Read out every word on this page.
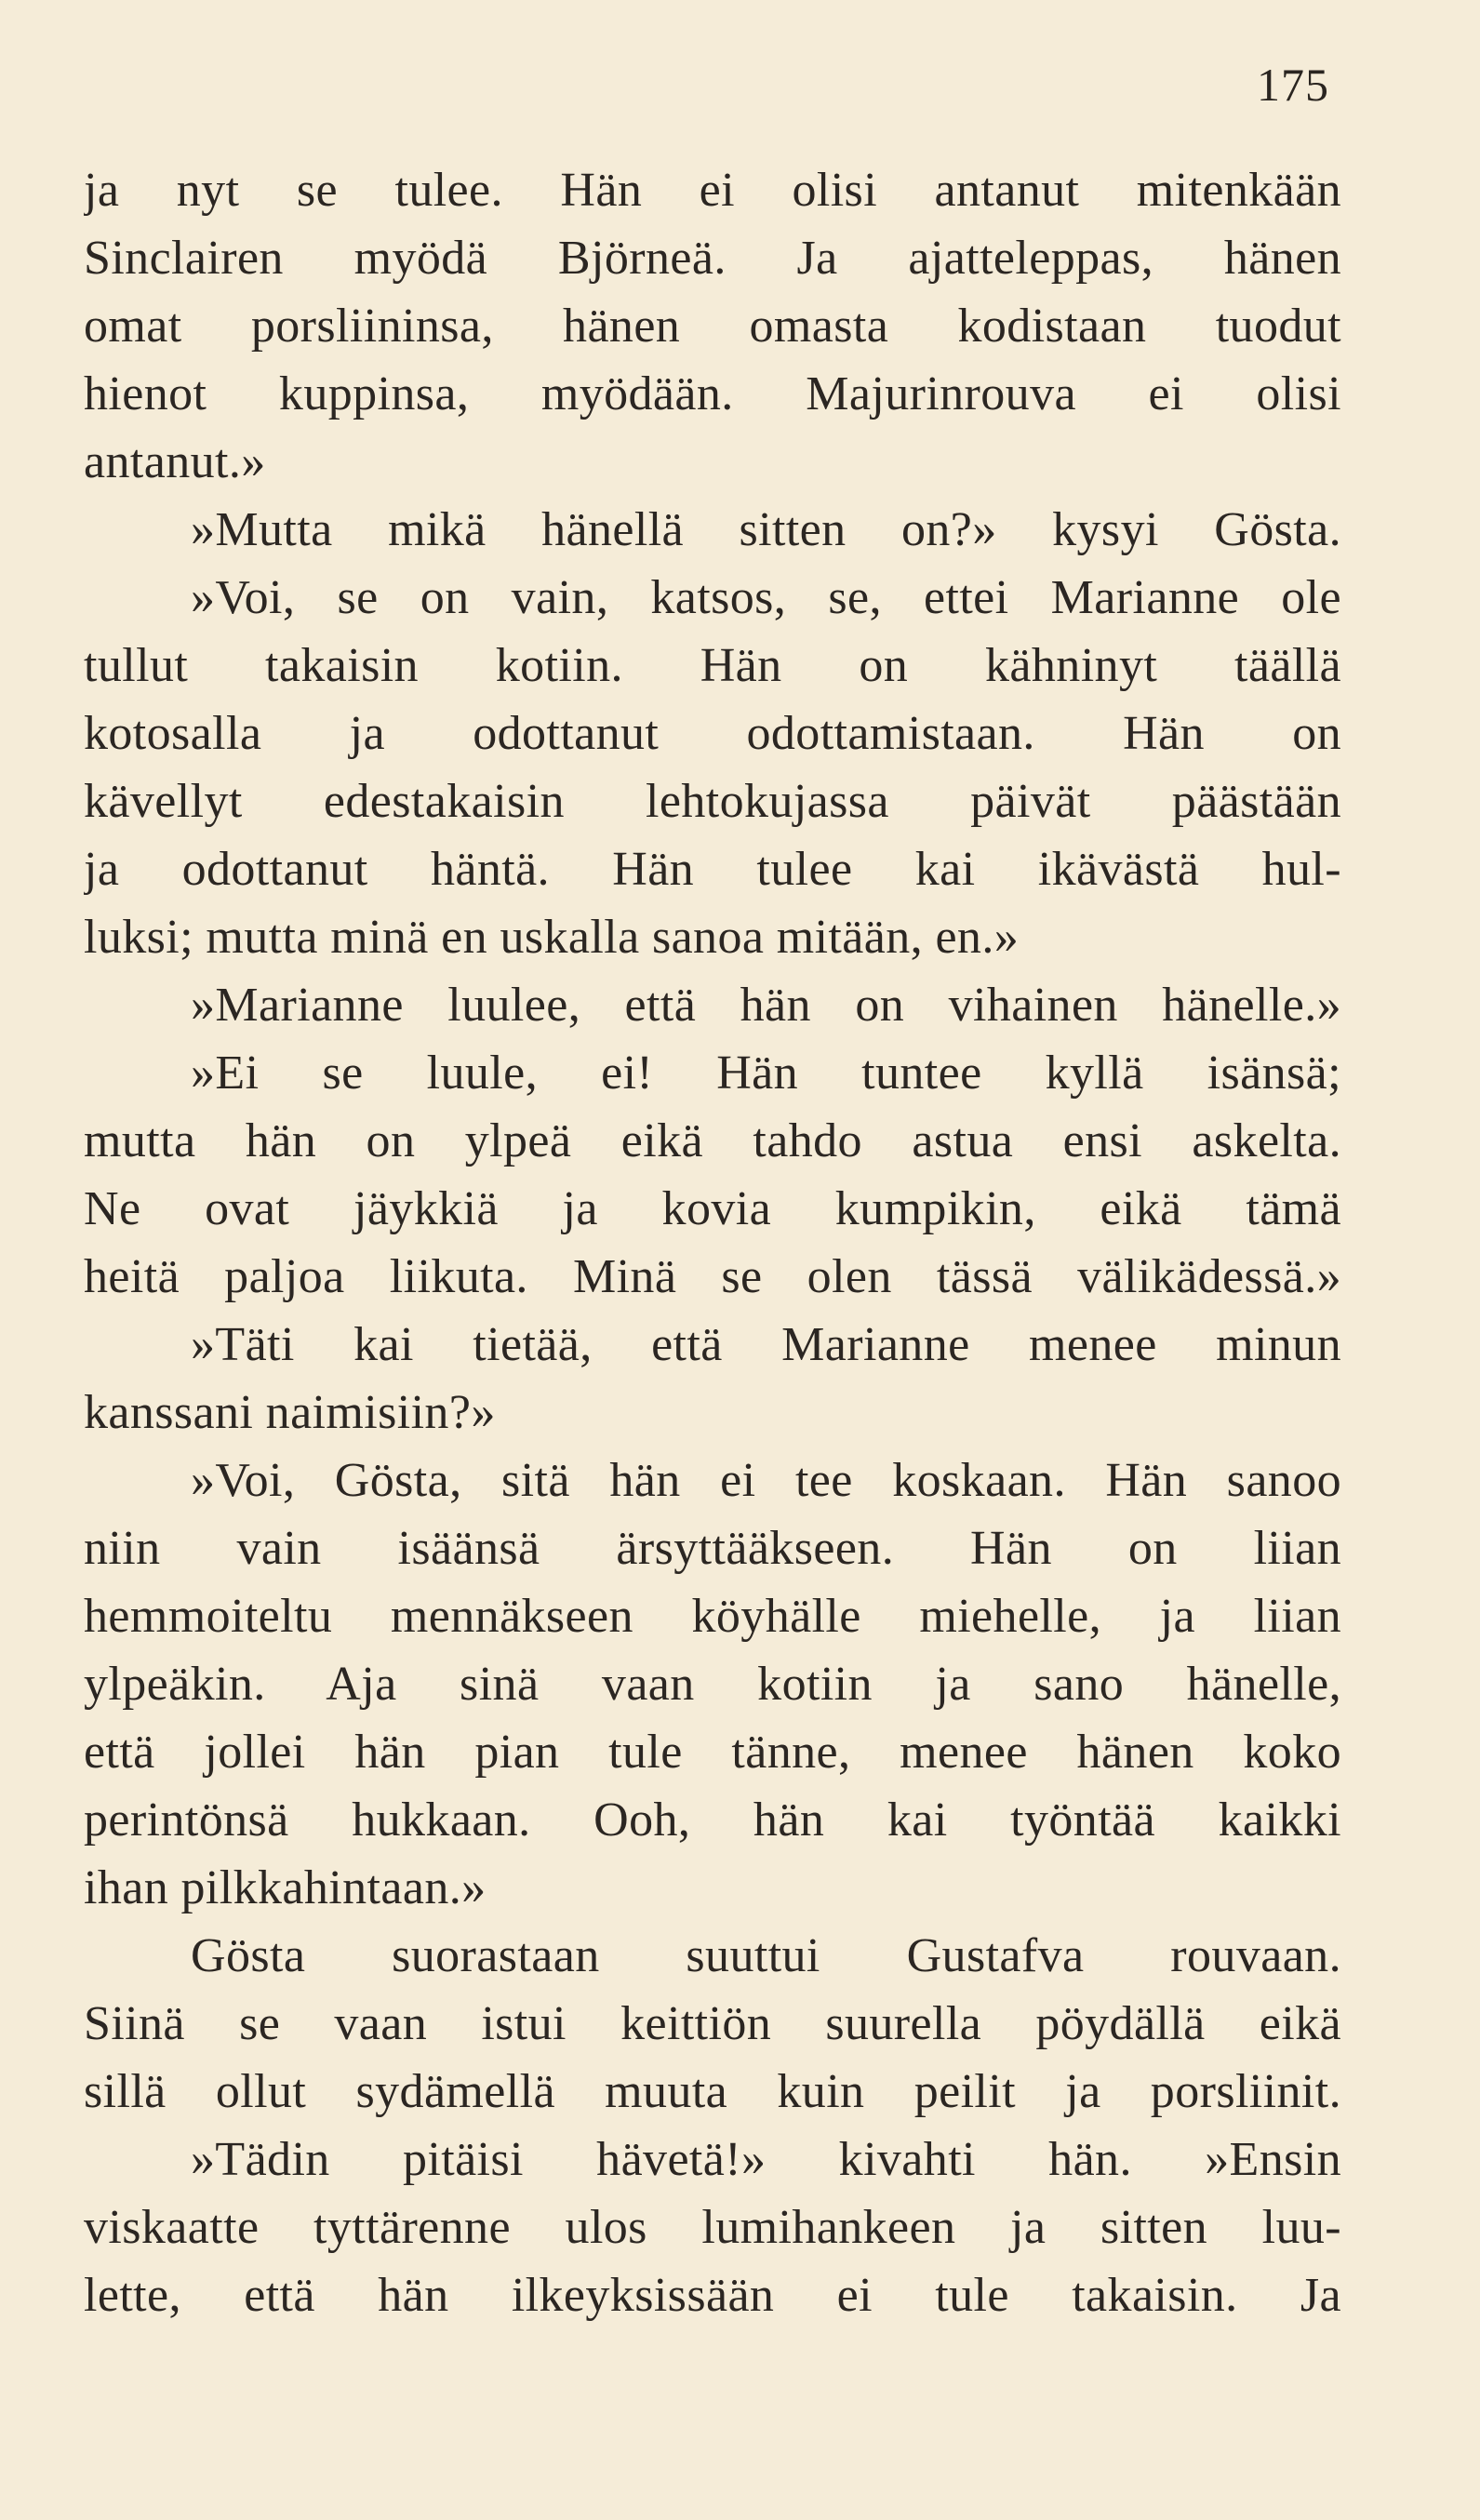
175
ja nyt se tulee. Hän ei olisi antanut mitenkään
Sinclairen myödä Björneä. Ja ajatteleppas, hänen
omat porsliininsa, hänen omasta kodistaan tuodut
hienot kuppinsa, myödään. Majurinrouva ei olisi
antanut.»
»Mutta mikä hänellä sitten on?» kysyi Gösta.
»Voi, se on vain, katsos, se, ettei Marianne ole
tullut takaisin kotiin. Hän on kähninyt täällä
kotosalla ja odottanut odottamistaan. Hän on
kävellyt edestakaisin lehtokujassa päivät päästään
ja odottanut häntä. Hän tulee kai ikävästä hul-
luksi; mutta minä en uskalla sanoa mitään, en.»
»Marianne luulee, että hän on vihainen hänelle.»
»Ei se luule, ei! Hän tuntee kyllä isänsä;
mutta hän on ylpeä eikä tahdo astua ensi askelta.
Ne ovat jäykkiä ja kovia kumpikin, eikä tämä
heitä paljoa liikuta. Minä se olen tässä välikädessä.»
»Täti kai tietää, että Marianne menee minun
kanssani naimisiin?»
»Voi, Gösta, sitä hän ei tee koskaan. Hän sanoo
niin vain isäänsä ärsyttääkseen. Hän on liian
hemmoiteltu mennäkseen köyhälle miehelle, ja liian
ylpeäkin. Aja sinä vaan kotiin ja sano hänelle,
että jollei hän pian tule tänne, menee hänen koko
perintönsä hukkaan. Ooh, hän kai työntää kaikki
ihan pilkkahintaan.»
Gösta suorastaan suuttui Gustafva rouvaan.
Siinä se vaan istui keittiön suurella pöydällä eikä
sillä ollut sydämellä muuta kuin peilit ja porsliinit.
»Tädin pitäisi hävetä!» kivahti hän. »Ensin
viskaatte tyttärenne ulos lumihankeen ja sitten luu-
lette, että hän ilkeyksissään ei tule takaisin. Ja
